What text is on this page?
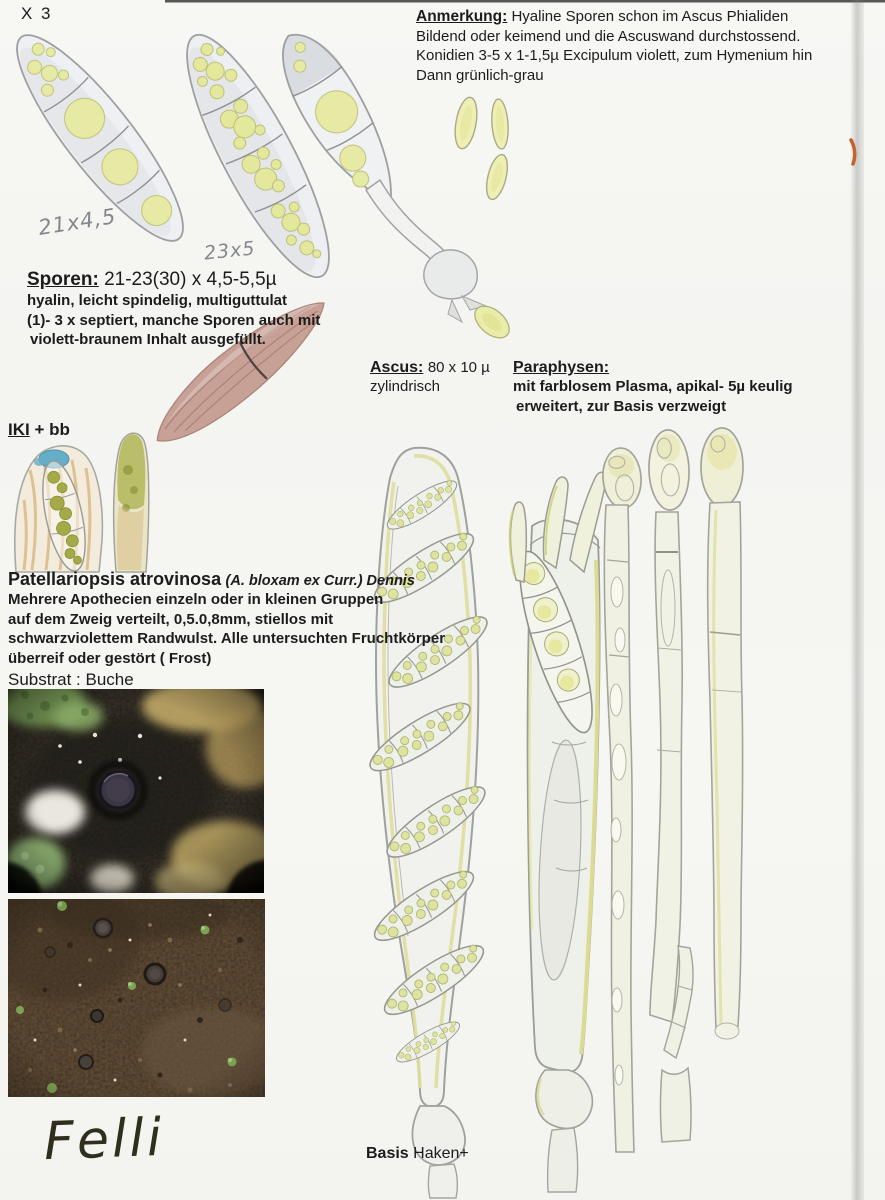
X 3	Anmerkung: Hyaline Sporen schon im Ascus Phialiden
Bildend oder keimend und die Ascuswand durchstossend.
Konidien 3-5 x 1-1,5µ Excipulum violett, zum Hymenium hin
Dann grünlich-grau
21x4,5
23x5
Sporen: 21-23(30) x 4,5-5,5µ
hyalin, leicht spindelig, multiguttulat
(1)- 3 x septiert, manche Sporen auch mit
violett-braunem Inhalt ausgefüllt.
Ascus: 80 x 10 µ
zylindrisch
Paraphysen:
mit farblosem Plasma, apikal- 5µ keulig
erweitert, zur Basis verzweigt
IKI + bb
Patellariopsis atrovinosa (A. bloxam ex Curr.) Dennis
Mehrere Apothecien einzeln oder in kleinen Gruppen
auf dem Zweig verteilt, 0,5.0,8mm, stiellos mit
schwarzviolettem Randwulst. Alle untersuchten Fruchtkörper
überreif oder gestört ( Frost)
Substrat : Buche
Basis Haken+
Felli
